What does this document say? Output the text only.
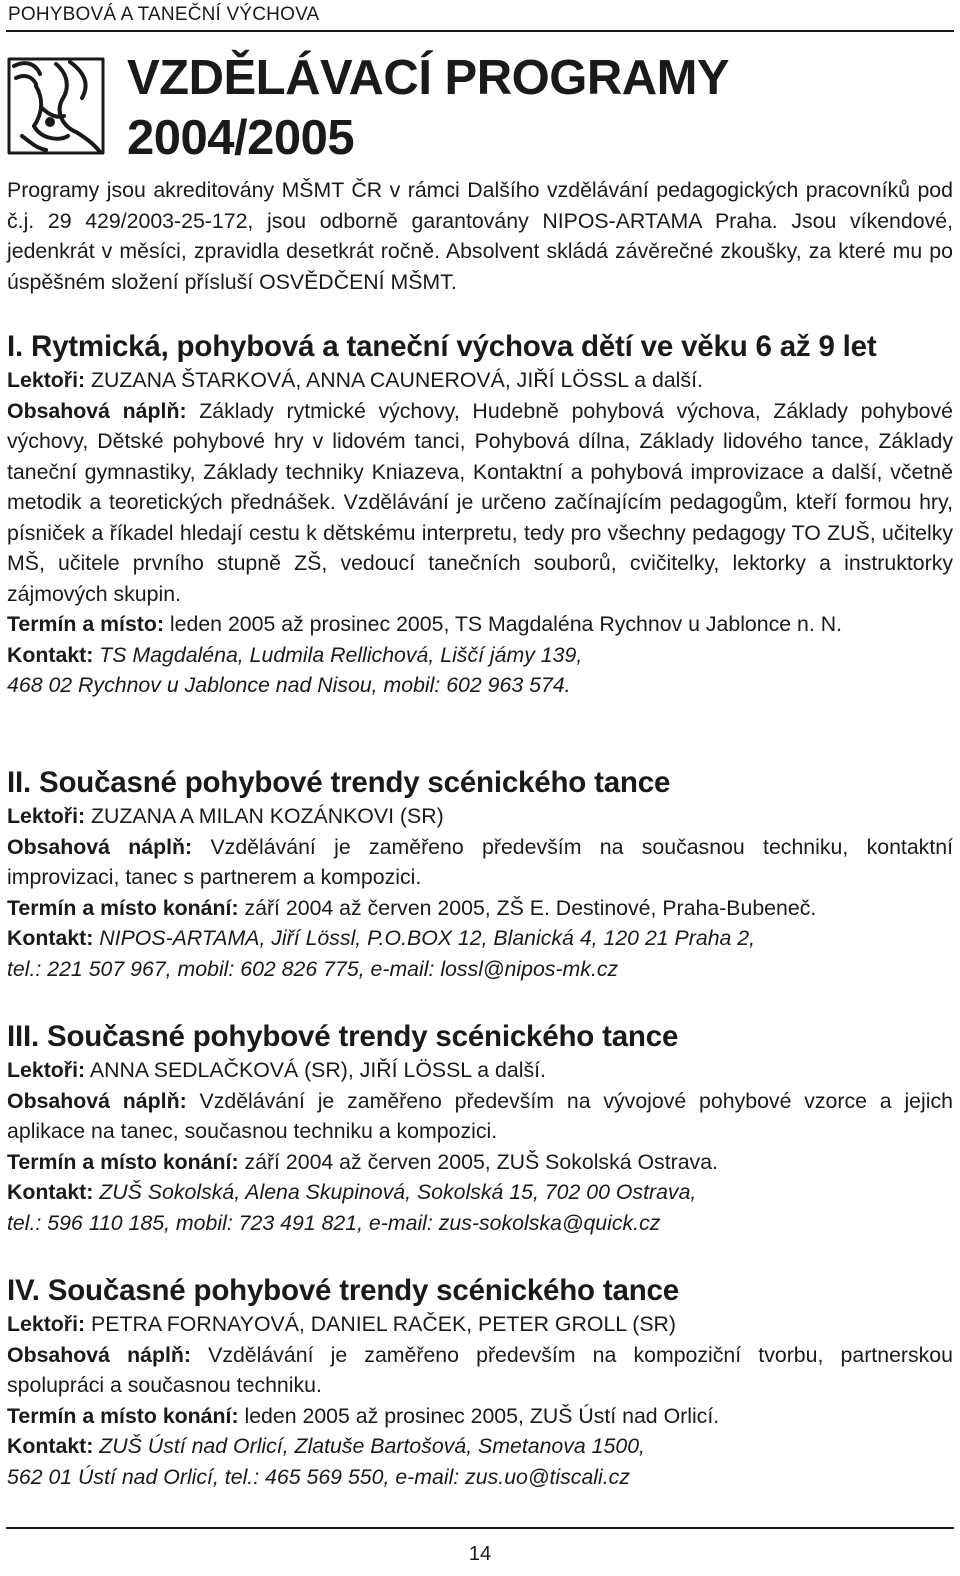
POHYBOVÁ A TANEČNÍ VÝCHOVA
VZDĚLÁVACÍ PROGRAMY
2004/2005
Programy jsou akreditovány MŠMT ČR v rámci Dalšího vzdělávání pedagogických pracovníků pod č.j. 29 429/2003-25-172, jsou odborně garantovány NIPOS-ARTAMA Praha. Jsou víkendové, jedenkrát v měsíci, zpravidla desetkrát ročně. Absolvent skládá závěrečné zkoušky, za které mu po úspěšném složení přísluší OSVĚDČENÍ MŠMT.

I. Rytmická, pohybová a taneční výchova dětí ve věku 6 až 9 let

Lektoři: ZUZANA ŠTARKOVÁ, ANNA CAUNEROVÁ, JIŘÍ LÖSSL a další.

Obsahová náplň: Základy rytmické výchovy, Hudebně pohybová výchova, Základy pohybové výchovy, Dětské pohybové hry v lidovém tanci, Pohybová dílna, Základy lidového tance, Základy taneční gymnastiky, Základy techniky Kniazeva, Kontaktní a pohybová improvizace a další, včetně metodik a teoretických přednášek. Vzdělávání je určeno začínajícím pedagogům, kteří formou hry, písniček a říkadel hledají cestu k dětskému interpretu, tedy pro všechny pedagogy TO ZUŠ, učitelky MŠ, učitele prvního stupně ZŠ, vedoucí tanečních souborů, cvičitelky, lektorky a instruktorky zájmových skupin.

Termín a místo: leden 2005 až prosinec 2005, TS Magdaléna Rychnov u Jablonce n. N.

Kontakt: TS Magdaléna, Ludmila Rellichová, Liščí jámy 139,
468 02 Rychnov u Jablonce nad Nisou, mobil: 602 963 574.

II. Současné pohybové trendy scénického tance

Lektoři: ZUZANA A MILAN KOZÁNKOVI (SR)

Obsahová náplň: Vzdělávání je zaměřeno především na současnou techniku, kontaktní improvizaci, tanec s partnerem a kompozici.

Termín a místo konání: září 2004 až červen 2005, ZŠ E. Destinové, Praha-Bubeneč.

Kontakt: NIPOS-ARTAMA, Jiří Lössl, P.O.BOX 12, Blanická 4, 120 21 Praha 2,
tel.: 221 507 967, mobil: 602 826 775, e-mail: lossl@nipos-mk.cz

III. Současné pohybové trendy scénického tance

Lektoři: ANNA SEDLAČKOVÁ (SR), JIŘÍ LÖSSL a další.

Obsahová náplň: Vzdělávání je zaměřeno především na vývojové pohybové vzorce a jejich aplikace na tanec, současnou techniku a kompozici.

Termín a místo konání: září 2004 až červen 2005, ZUŠ Sokolská Ostrava.

Kontakt: ZUŠ Sokolská, Alena Skupinová, Sokolská 15, 702 00 Ostrava,
tel.: 596 110 185, mobil: 723 491 821, e-mail: zus-sokolska@quick.cz

IV. Současné pohybové trendy scénického tance

Lektoři: PETRA FORNAYOVÁ, DANIEL RAČEK, PETER GROLL (SR)

Obsahová náplň: Vzdělávání je zaměřeno především na kompoziční tvorbu, partnerskou spolupráci a současnou techniku.

Termín a místo konání: leden 2005 až prosinec 2005, ZUŠ Ústí nad Orlicí.

Kontakt: ZUŠ Ústí nad Orlicí, Zlatuše Bartošová, Smetanova 1500,
562 01 Ústí nad Orlicí, tel.: 465 569 550, e-mail: zus.uo@tiscali.cz

14
